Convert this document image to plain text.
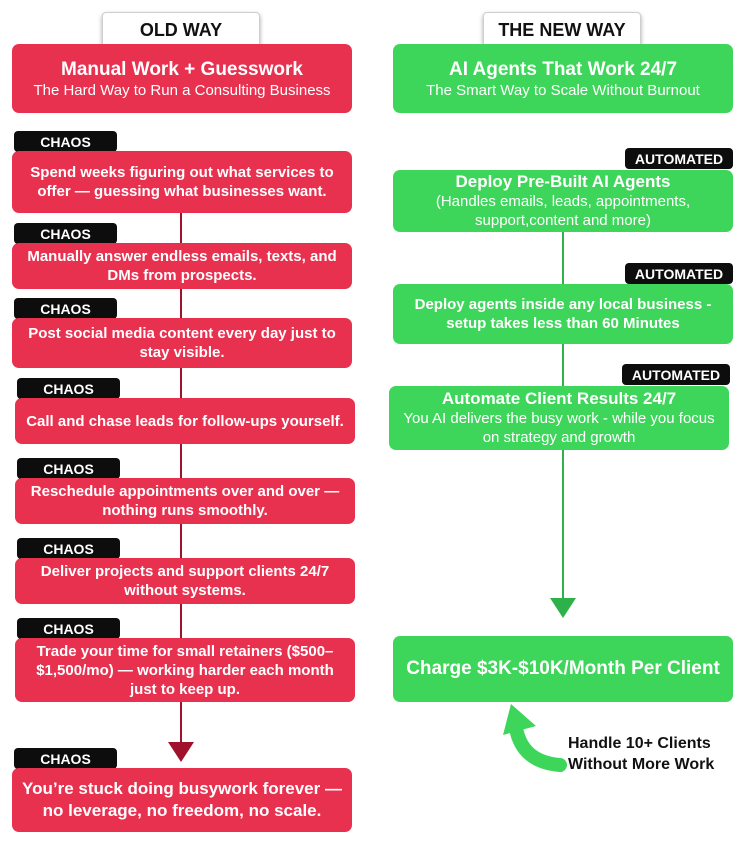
OLD WAY
Manual Work + Guesswork
The Hard Way to Run a Consulting Business
CHAOS
Spend weeks figuring out what services to offer — guessing what businesses want.
CHAOS
Manually answer endless emails, texts, and DMs from prospects.
CHAOS
Post social media content every day just to stay visible.
CHAOS
Call and chase leads for follow-ups yourself.
CHAOS
Reschedule appointments over and over — nothing runs smoothly.
CHAOS
Deliver projects and support clients 24/7 without systems.
CHAOS
Trade your time for small retainers ($500–$1,500/mo) — working harder each month just to keep up.
CHAOS
You’re stuck doing busywork forever — no leverage, no freedom, no scale.
THE NEW WAY
AI Agents That Work 24/7
The Smart Way to Scale Without Burnout
AUTOMATED
Deploy Pre-Built AI Agents
(Handles emails, leads, appointments, support,content and more)
AUTOMATED
Deploy agents inside any local business - setup takes less than 60 Minutes
AUTOMATED
Automate Client Results 24/7
You AI delivers the busy work - while you focus on strategy and growth
Charge $3K-$10K/Month Per Client
Handle 10+ Clients Without More Work
